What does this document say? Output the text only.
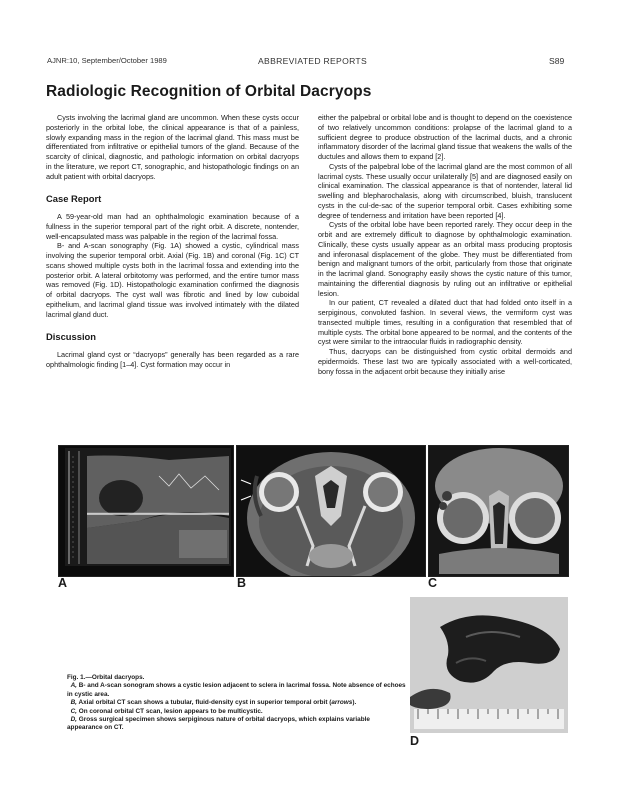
AJNR:10, September/October 1989	ABBREVIATED REPORTS	S89
Radiologic Recognition of Orbital Dacryops

Cysts involving the lacrimal gland are uncommon. When these cysts occur posteriorly in the orbital lobe, the clinical appearance is that of a painless, slowly expanding mass in the region of the lacrimal gland. This mass must be differentiated from infiltrative or epithelial tumors of the gland. Because of the scarcity of clinical, diagnostic, and pathologic information on orbital dacryops in the literature, we report CT, sonographic, and histopathologic findings on an adult patient with orbital dacryops.

Case Report

A 59-year-old man had an ophthalmologic examination because of a fullness in the superior temporal part of the right orbit. A discrete, nontender, well-encapsulated mass was palpable in the region of the lacrimal fossa.

B- and A-scan sonography (Fig. 1A) showed a cystic, cylindrical mass involving the superior temporal orbit. Axial (Fig. 1B) and coronal (Fig. 1C) CT scans showed multiple cysts both in the lacrimal fossa and extending into the posterior orbit. A lateral orbitotomy was performed, and the entire tumor mass was removed (Fig. 1D). Histopathologic examination confirmed the diagnosis of orbital dacryops. The cyst wall was fibrotic and lined by low cuboidal epithelium, and lacrimal gland tissue was involved intimately with the dilated lacrimal gland duct.

Discussion

Lacrimal gland cyst or “dacryops” generally has been regarded as a rare ophthalmologic finding [1–4]. Cyst formation may occur in

either the palpebral or orbital lobe and is thought to depend on the coexistence of two relatively uncommon conditions: prolapse of the lacrimal gland to a sufficient degree to produce obstruction of the lacrimal ducts, and a chronic inflammatory disorder of the lacrimal gland tissue that weakens the walls of the ductules and allows them to expand [2].

Cysts of the palpebral lobe of the lacrimal gland are the most common of all lacrimal cysts. These usually occur unilaterally [5] and are diagnosed easily on clinical examination. The classical appearance is that of nontender, lateral lid swelling and blepharochalasis, along with circumscribed, bluish, translucent cysts in the cul-de-sac of the superior temporal orbit. Cases exhibiting some degree of tenderness and irritation have been reported [4].

Cysts of the orbital lobe have been reported rarely. They occur deep in the orbit and are extremely difficult to diagnose by ophthalmologic examination. Clinically, these cysts usually appear as an orbital mass producing proptosis and inferonasal displacement of the globe. They must be differentiated from benign and malignant tumors of the orbit, particularly from those that originate in the lacrimal gland. Sonography easily shows the cystic nature of this tumor, maintaining the differential diagnosis by ruling out an infiltrative or epithelial lesion.

In our patient, CT revealed a dilated duct that had folded onto itself in a serpiginous, convoluted fashion. In several views, the vermiform cyst was transected multiple times, resulting in a configuration that resembled that of multiple cysts. The orbital bone appeared to be normal, and the contents of the cyst were similar to the intraocular fluids in radiographic density.

Thus, dacryops can be distinguished from cystic orbital dermoids and epidermoids. These last two are typically associated with a well-corticated, bony fossa in the adjacent orbit because they initially arise

A	B	C
D

Fig. 1.—Orbital dacryops.

A, B- and A-scan sonogram shows a cystic lesion adjacent to sclera in lacrimal fossa. Note absence of echoes in cystic area.

B, Axial orbital CT scan shows a tubular, fluid-density cyst in superior temporal orbit (arrows).

C, On coronal orbital CT scan, lesion appears to be multicystic.

D, Gross surgical specimen shows serpiginous nature of orbital dacryops, which explains variable appearance on CT.
